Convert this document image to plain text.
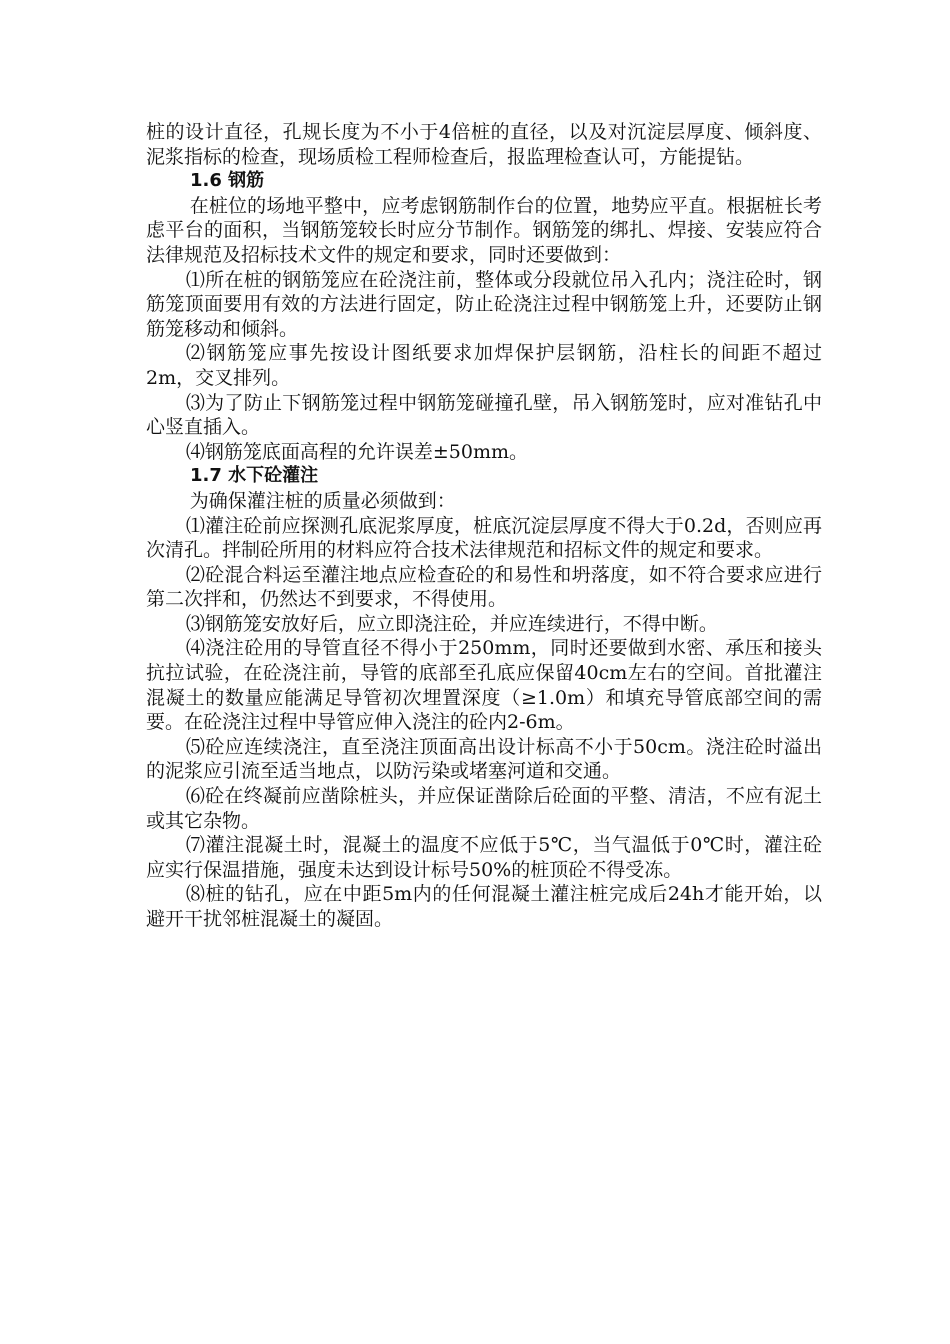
桩的设计直径，孔规长度为不小于4倍桩的直径，以及对沉淀层厚度、倾斜度、泥浆指标的检查，现场质检工程师检查后，报监理检查认可，方能提钻。

1.6 钢筋

在桩位的场地平整中，应考虑钢筋制作台的位置，地势应平直。根据桩长考虑平台的面积，当钢筋笼较长时应分节制作。钢筋笼的绑扎、焊接、安装应符合法律规范及招标技术文件的规定和要求，同时还要做到：

⑴所在桩的钢筋笼应在砼浇注前，整体或分段就位吊入孔内；浇注砼时，钢筋笼顶面要用有效的方法进行固定，防止砼浇注过程中钢筋笼上升，还要防止钢筋笼移动和倾斜。

⑵钢筋笼应事先按设计图纸要求加焊保护层钢筋，沿柱长的间距不超过2m，交叉排列。

⑶为了防止下钢筋笼过程中钢筋笼碰撞孔壁，吊入钢筋笼时，应对准钻孔中心竖直插入。

⑷钢筋笼底面高程的允许误差±50mm。

1.7 水下砼灌注

为确保灌注桩的质量必须做到：

⑴灌注砼前应探测孔底泥浆厚度，桩底沉淀层厚度不得大于0.2d，否则应再次清孔。拌制砼所用的材料应符合技术法律规范和招标文件的规定和要求。

⑵砼混合料运至灌注地点应检查砼的和易性和坍落度，如不符合要求应进行第二次拌和，仍然达不到要求，不得使用。

⑶钢筋笼安放好后，应立即浇注砼，并应连续进行，不得中断。

⑷浇注砼用的导管直径不得小于250mm，同时还要做到水密、承压和接头抗拉试验，在砼浇注前，导管的底部至孔底应保留40cm左右的空间。首批灌注混凝土的数量应能满足导管初次埋置深度（≥1.0m）和填充导管底部空间的需要。在砼浇注过程中导管应伸入浇注的砼内2-6m。

⑸砼应连续浇注，直至浇注顶面高出设计标高不小于50cm。浇注砼时溢出的泥浆应引流至适当地点，以防污染或堵塞河道和交通。

⑹砼在终凝前应凿除桩头，并应保证凿除后砼面的平整、清洁，不应有泥土或其它杂物。

⑺灌注混凝土时，混凝土的温度不应低于5℃，当气温低于0℃时，灌注砼应实行保温措施，强度未达到设计标号50%的桩顶砼不得受冻。

⑻桩的钻孔，应在中距5m内的任何混凝土灌注桩完成后24h才能开始，以避开干扰邻桩混凝土的凝固。
